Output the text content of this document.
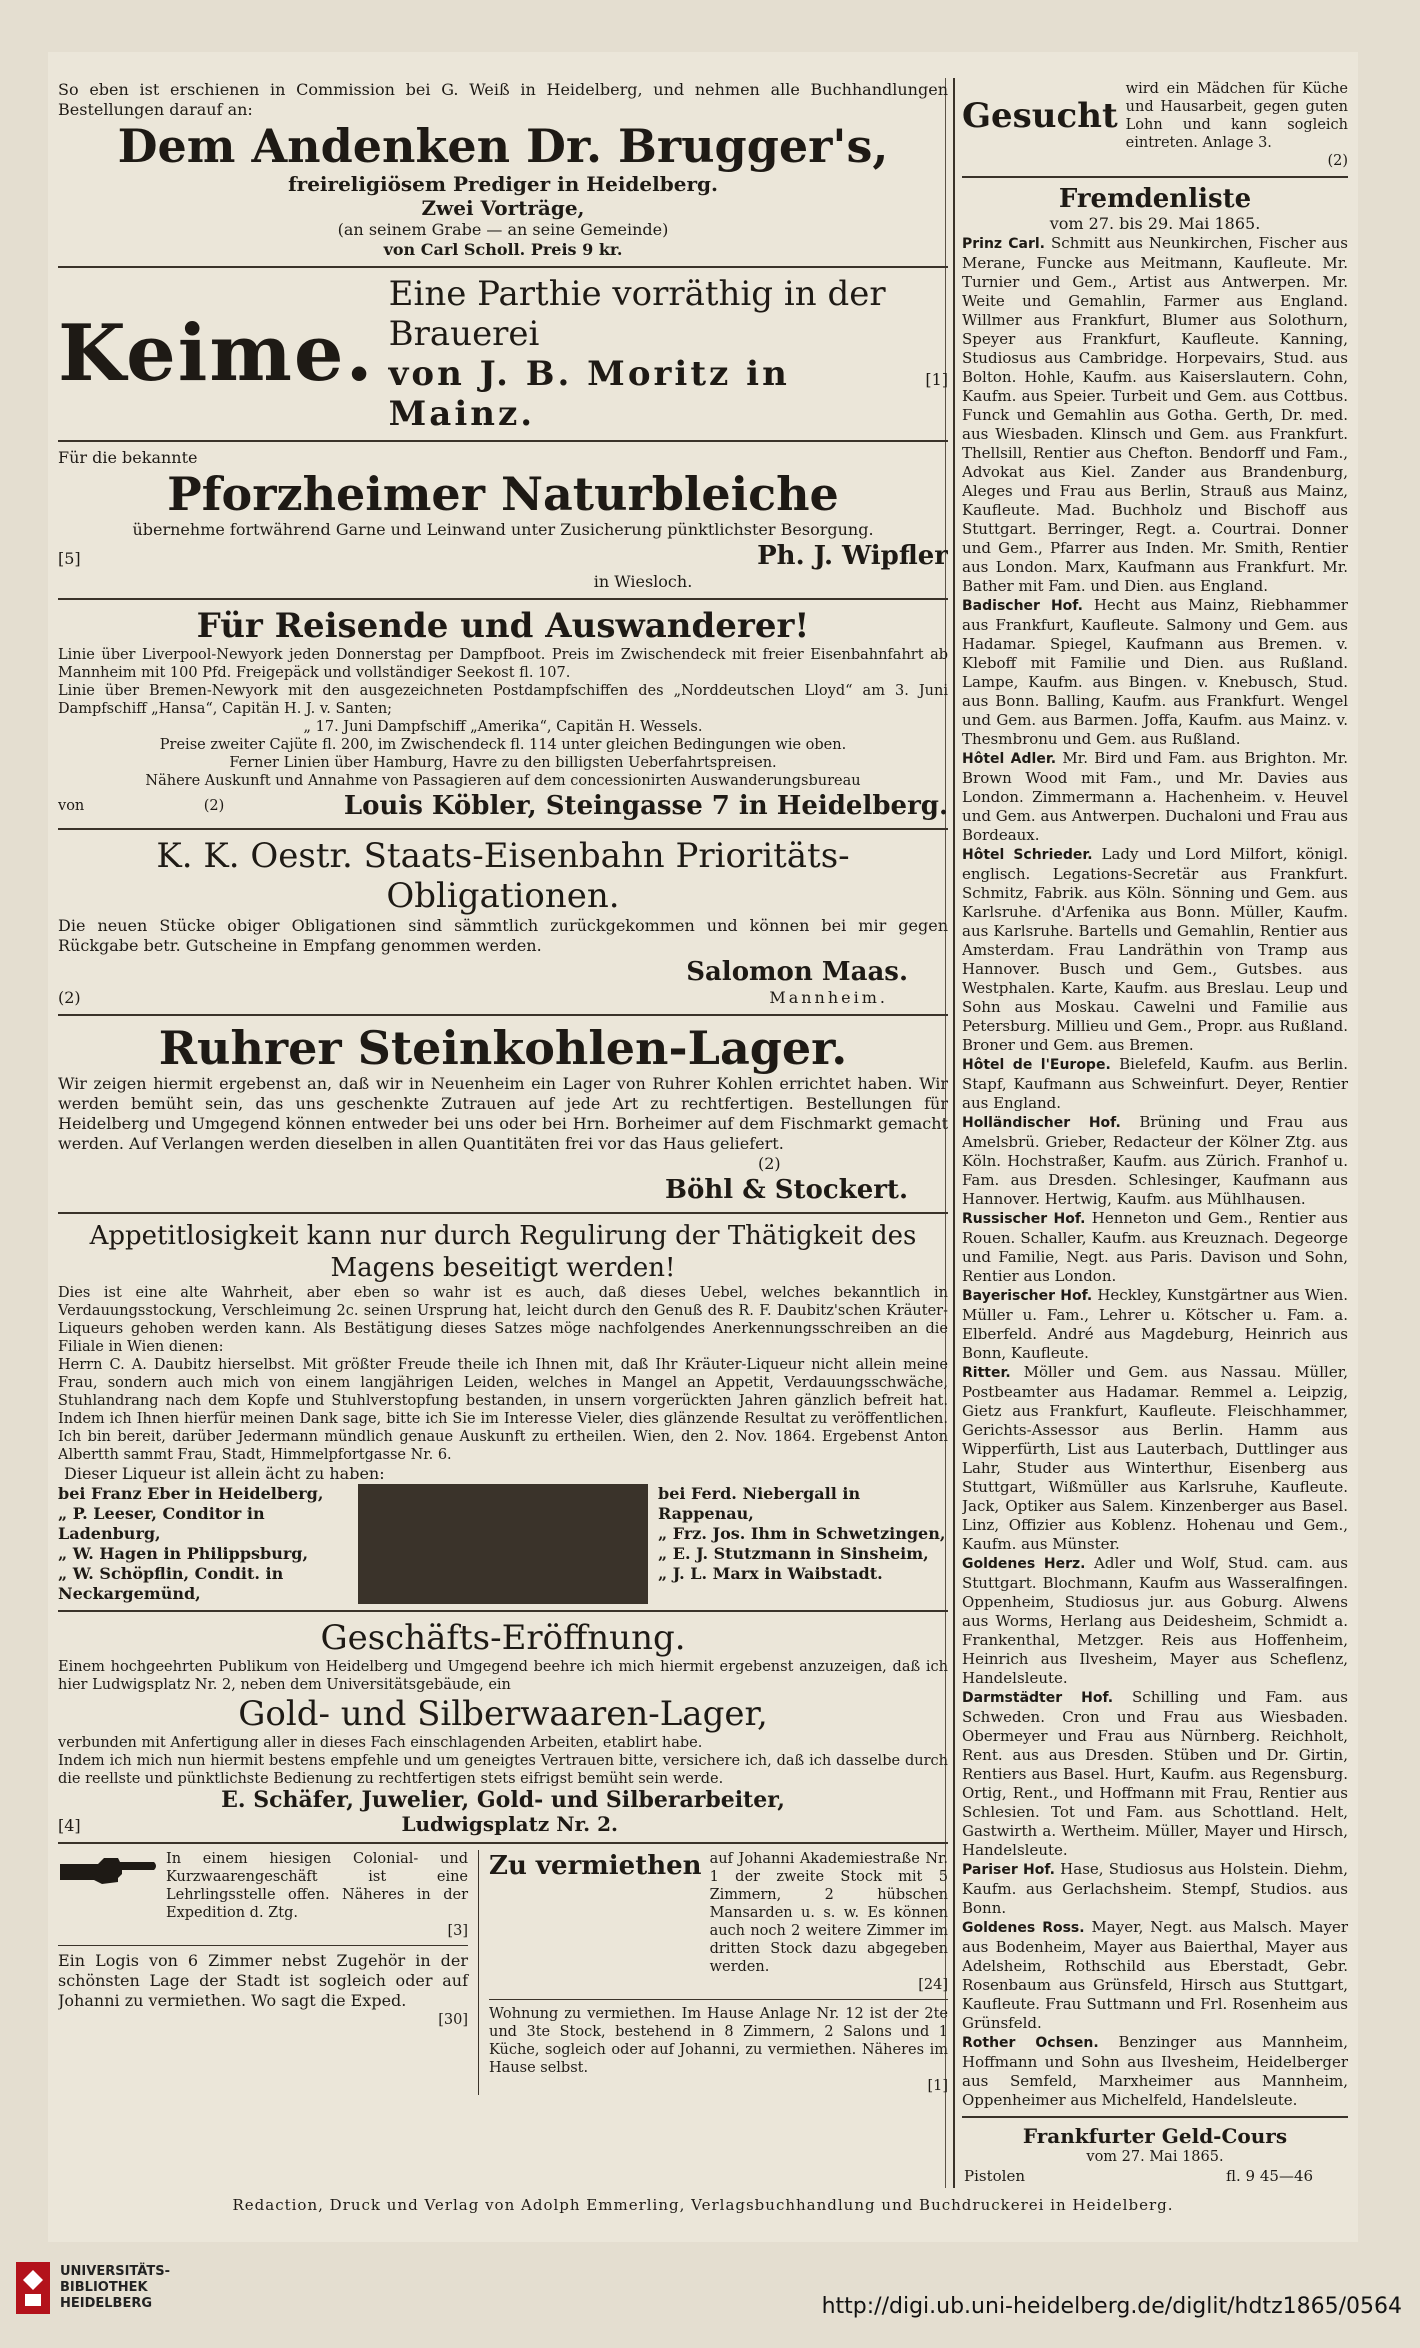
So eben ist erschienen in Commission bei G. Weiß in Heidelberg, und nehmen alle Buchhandlungen Bestellungen darauf an:

Dem Andenken Dr. Brugger's,

freireligiösem Prediger in Heidelberg.

Zwei Vorträge,

(an seinem Grabe — an seine Gemeinde)

von Carl Scholl. Preis 9 kr.

Keime.

Eine Parthie vorräthig in der Brauerei

von J. B. Moritz in Mainz.
[1]

Für die bekannte

Pforzheimer Naturbleiche

übernehme fortwährend Garne und Leinwand unter Zusicherung pünktlichster Besorgung.

[5]	Ph. J. Wipfler

in Wiesloch.

Für Reisende und Auswanderer!

Linie über Liverpool-Newyork jeden Donnerstag per Dampfboot. Preis im Zwischendeck mit freier Eisenbahnfahrt ab Mannheim mit 100 Pfd. Freigepäck und vollständiger Seekost fl. 107.

Linie über Bremen-Newyork mit den ausgezeichneten Postdampfschiffen des „Norddeutschen Lloyd“ am 3. Juni Dampfschiff „Hansa“, Capitän H. J. v. Santen;

„ 17. Juni Dampfschiff „Amerika“, Capitän H. Wessels.

Preise zweiter Cajüte fl. 200, im Zwischendeck fl. 114 unter gleichen Bedingungen wie oben.

Ferner Linien über Hamburg, Havre zu den billigsten Ueberfahrtspreisen.

Nähere Auskunft und Annahme von Passagieren auf dem concessionirten Auswanderungsbureau

von	(2)	Louis Köbler, Steingasse 7 in Heidelberg.

K. K. Oestr. Staats-Eisenbahn Prioritäts-

Obligationen.

Die neuen Stücke obiger Obligationen sind sämmtlich zurückgekommen und können bei mir gegen Rückgabe betr. Gutscheine in Empfang genommen werden.

Salomon Maas.

(2)	Mannheim.

Ruhrer Steinkohlen-Lager.

Wir zeigen hiermit ergebenst an, daß wir in Neuenheim ein Lager von Ruhrer Kohlen errichtet haben. Wir werden bemüht sein, das uns geschenkte Zutrauen auf jede Art zu rechtfertigen. Bestellungen für Heidelberg und Umgegend können entweder bei uns oder bei Hrn. Borheimer auf dem Fischmarkt gemacht werden. Auf Verlangen werden dieselben in allen Quantitäten frei vor das Haus geliefert.

(2)

Böhl & Stockert.

Appetitlosigkeit kann nur durch Regulirung der Thätigkeit des

Magens beseitigt werden!

Dies ist eine alte Wahrheit, aber eben so wahr ist es auch, daß dieses Uebel, welches bekanntlich in Verdauungsstockung, Verschleimung 2c. seinen Ursprung hat, leicht durch den Genuß des R. F. Daubitz'schen Kräuter-Liqueurs gehoben werden kann. Als Bestätigung dieses Satzes möge nachfolgendes Anerkennungsschreiben an die Filiale in Wien dienen:

Herrn C. A. Daubitz hierselbst. Mit größter Freude theile ich Ihnen mit, daß Ihr Kräuter-Liqueur nicht allein meine Frau, sondern auch mich von einem langjährigen Leiden, welches in Mangel an Appetit, Verdauungsschwäche, Stuhlandrang nach dem Kopfe und Stuhlverstopfung bestanden, in unsern vorgerückten Jahren gänzlich befreit hat. Indem ich Ihnen hierfür meinen Dank sage, bitte ich Sie im Interesse Vieler, dies glänzende Resultat zu veröffentlichen. Ich bin bereit, darüber Jedermann mündlich genaue Auskunft zu ertheilen. Wien, den 2. Nov. 1864. Ergebenst Anton Albertth sammt Frau, Stadt, Himmelpfortgasse Nr. 6.

Dieser Liqueur ist allein ächt zu haben:

bei Franz Eber in Heidelberg,

„ P. Leeser, Conditor in Ladenburg,

„ W. Hagen in Philippsburg,

„ W. Schöpflin, Condit. in Neckargemünd,

bei Ferd. Niebergall in Rappenau,

„ Frz. Jos. Ihm in Schwetzingen,

„ E. J. Stutzmann in Sinsheim,

„ J. L. Marx in Waibstadt.

Geschäfts-Eröffnung.

Einem hochgeehrten Publikum von Heidelberg und Umgegend beehre ich mich hiermit ergebenst anzuzeigen, daß ich hier Ludwigsplatz Nr. 2, neben dem Universitätsgebäude, ein

Gold- und Silberwaaren-Lager,

verbunden mit Anfertigung aller in dieses Fach einschlagenden Arbeiten, etablirt habe.

Indem ich mich nun hiermit bestens empfehle und um geneigtes Vertrauen bitte, versichere ich, daß ich dasselbe durch die reellste und pünktlichste Bedienung zu rechtfertigen stets eifrigst bemüht sein werde.

E. Schäfer, Juwelier, Gold- und Silberarbeiter,

[4]	Ludwigsplatz Nr. 2.

In einem hiesigen Colonial- und Kurzwaarengeschäft ist eine Lehrlingsstelle offen. Näheres in der Expedition d. Ztg.

[3]

Ein Logis von 6 Zimmer nebst Zugehör in der schönsten Lage der Stadt ist sogleich oder auf Johanni zu vermiethen. Wo sagt die Exped.

[30]

Zu vermiethen auf Johanni Akademiestraße Nr. 1 der zweite Stock mit 5 Zimmern, 2 hübschen Mansarden u. s. w. Es können auch noch 2 weitere Zimmer im dritten Stock dazu abgegeben werden.

[24]

Wohnung zu vermiethen. Im Hause Anlage Nr. 12 ist der 2te und 3te Stock, bestehend in 8 Zimmern, 2 Salons und 1 Küche, sogleich oder auf Johanni, zu vermiethen. Näheres im Hause selbst.

[1]

Gesucht

wird ein Mädchen für Küche und Hausarbeit, gegen guten Lohn und kann sogleich eintreten. Anlage 3.

(2)

Fremdenliste

vom 27. bis 29. Mai 1865.

Prinz Carl. Schmitt aus Neunkirchen, Fischer aus Merane, Funcke aus Meitmann, Kaufleute. Mr. Turnier und Gem., Artist aus Antwerpen. Mr. Weite und Gemahlin, Farmer aus England. Willmer aus Frankfurt, Blumer aus Solothurn, Speyer aus Frankfurt, Kaufleute. Kanning, Studiosus aus Cambridge. Horpevairs, Stud. aus Bolton. Hohle, Kaufm. aus Kaiserslautern. Cohn, Kaufm. aus Speier. Turbeit und Gem. aus Cottbus. Funck und Gemahlin aus Gotha. Gerth, Dr. med. aus Wiesbaden. Klinsch und Gem. aus Frankfurt. Thellsill, Rentier aus Chefton. Bendorff und Fam., Advokat aus Kiel. Zander aus Brandenburg, Aleges und Frau aus Berlin, Strauß aus Mainz, Kaufleute. Mad. Buchholz und Bischoff aus Stuttgart. Berringer, Regt. a. Courtrai. Donner und Gem., Pfarrer aus Inden. Mr. Smith, Rentier aus London. Marx, Kaufmann aus Frankfurt. Mr. Bather mit Fam. und Dien. aus England.

Badischer Hof. Hecht aus Mainz, Riebhammer aus Frankfurt, Kaufleute. Salmony und Gem. aus Hadamar. Spiegel, Kaufmann aus Bremen. v. Kleboff mit Familie und Dien. aus Rußland. Lampe, Kaufm. aus Bingen. v. Knebusch, Stud. aus Bonn. Balling, Kaufm. aus Frankfurt. Wengel und Gem. aus Barmen. Joffa, Kaufm. aus Mainz. v. Thesmbronu und Gem. aus Rußland.

Hôtel Adler. Mr. Bird und Fam. aus Brighton. Mr. Brown Wood mit Fam., und Mr. Davies aus London. Zimmermann a. Hachenheim. v. Heuvel und Gem. aus Antwerpen. Duchaloni und Frau aus Bordeaux.

Hôtel Schrieder. Lady und Lord Milfort, königl. englisch. Legations-Secretär aus Frankfurt. Schmitz, Fabrik. aus Köln. Sönning und Gem. aus Karlsruhe. d'Arfenika aus Bonn. Müller, Kaufm. aus Karlsruhe. Bartells und Gemahlin, Rentier aus Amsterdam. Frau Landräthin von Tramp aus Hannover. Busch und Gem., Gutsbes. aus Westphalen. Karte, Kaufm. aus Breslau. Leup und Sohn aus Moskau. Cawelni und Familie aus Petersburg. Millieu und Gem., Propr. aus Rußland. Broner und Gem. aus Bremen.

Hôtel de l'Europe. Bielefeld, Kaufm. aus Berlin. Stapf, Kaufmann aus Schweinfurt. Deyer, Rentier aus England.

Holländischer Hof. Brüning und Frau aus Amelsbrü. Grieber, Redacteur der Kölner Ztg. aus Köln. Hochstraßer, Kaufm. aus Zürich. Franhof u. Fam. aus Dresden. Schlesinger, Kaufmann aus Hannover. Hertwig, Kaufm. aus Mühlhausen.

Russischer Hof. Henneton und Gem., Rentier aus Rouen. Schaller, Kaufm. aus Kreuznach. Degeorge und Familie, Negt. aus Paris. Davison und Sohn, Rentier aus London.

Bayerischer Hof. Heckley, Kunstgärtner aus Wien. Müller u. Fam., Lehrer u. Kötscher u. Fam. a. Elberfeld. André aus Magdeburg, Heinrich aus Bonn, Kaufleute.

Ritter. Möller und Gem. aus Nassau. Müller, Postbeamter aus Hadamar. Remmel a. Leipzig, Gietz aus Frankfurt, Kaufleute. Fleischhammer, Gerichts-Assessor aus Berlin. Hamm aus Wipperfürth, List aus Lauterbach, Duttlinger aus Lahr, Studer aus Winterthur, Eisenberg aus Stuttgart, Wißmüller aus Karlsruhe, Kaufleute. Jack, Optiker aus Salem. Kinzenberger aus Basel. Linz, Offizier aus Koblenz. Hohenau und Gem., Kaufm. aus Münster.

Goldenes Herz. Adler und Wolf, Stud. cam. aus Stuttgart. Blochmann, Kaufm aus Wasseralfingen. Oppenheim, Studiosus jur. aus Goburg. Alwens aus Worms, Herlang aus Deidesheim, Schmidt a. Frankenthal, Metzger. Reis aus Hoffenheim, Heinrich aus Ilvesheim, Mayer aus Scheflenz, Handelsleute.

Darmstädter Hof. Schilling und Fam. aus Schweden. Cron und Frau aus Wiesbaden. Obermeyer und Frau aus Nürnberg. Reichholt, Rent. aus aus Dresden. Stüben und Dr. Girtin, Rentiers aus Basel. Hurt, Kaufm. aus Regensburg. Ortig, Rent., und Hoffmann mit Frau, Rentier aus Schlesien. Tot und Fam. aus Schottland. Helt, Gastwirth a. Wertheim. Müller, Mayer und Hirsch, Handelsleute.

Pariser Hof. Hase, Studiosus aus Holstein. Diehm, Kaufm. aus Gerlachsheim. Stempf, Studios. aus Bonn.

Goldenes Ross. Mayer, Negt. aus Malsch. Mayer aus Bodenheim, Mayer aus Baierthal, Mayer aus Adelsheim, Rothschild aus Eberstadt, Gebr. Rosenbaum aus Grünsfeld, Hirsch aus Stuttgart, Kaufleute. Frau Suttmann und Frl. Rosenheim aus Grünsfeld.

Rother Ochsen. Benzinger aus Mannheim, Hoffmann und Sohn aus Ilvesheim, Heidelberger aus Semfeld, Marxheimer aus Mannheim, Oppenheimer aus Michelfeld, Handelsleute.

Frankfurter Geld-Cours

vom 27. Mai 1865.

Pistolen	fl. 9 45—46

Redaction, Druck und Verlag von Adolph Emmerling, Verlagsbuchhandlung und Buchdruckerei in Heidelberg.
UNIVERSITÄTS-
BIBLIOTHEK
HEIDELBERG	http://digi.ub.uni-heidelberg.de/diglit/hdtz1865/0564
